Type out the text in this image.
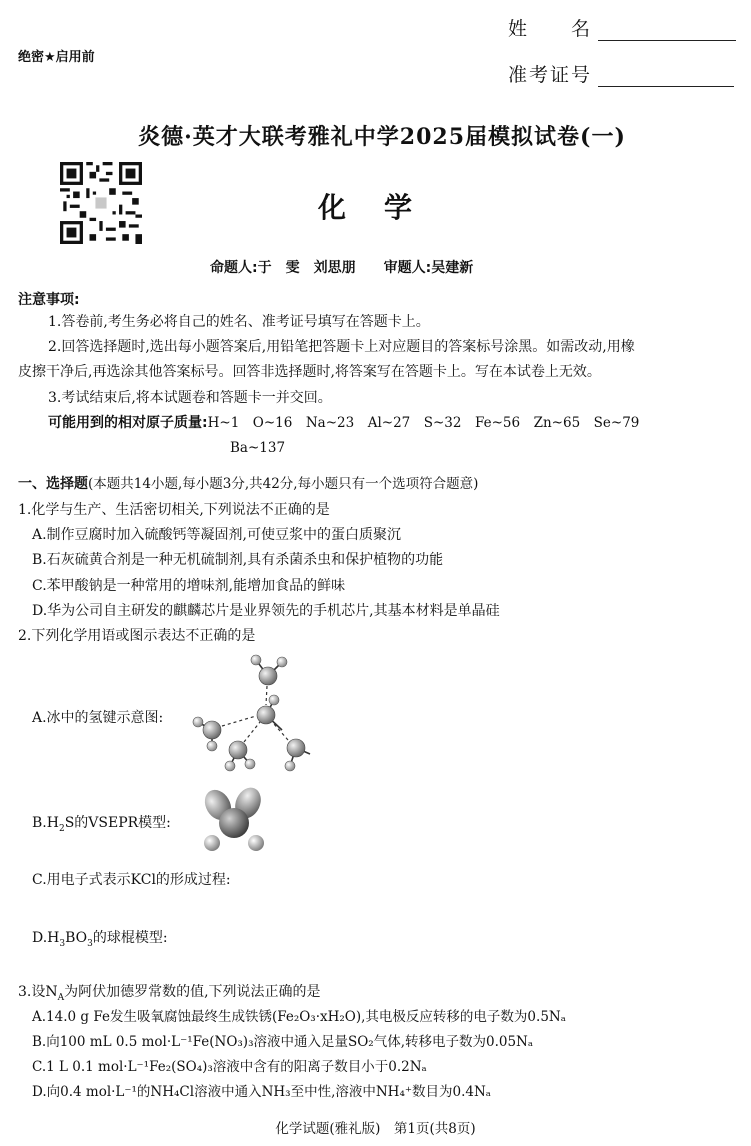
姓　　名
准考证号
绝密★启用前
炎德·英才大联考雅礼中学2025届模拟试卷(一)
化学
命题人:于　雯　刘思朋　　审题人:吴建新
注意事项:
1.答卷前,考生务必将自己的姓名、准考证号填写在答题卡上。
2.回答选择题时,选出每小题答案后,用铅笔把答题卡上对应题目的答案标号涂黑。如需改动,用橡
皮擦干净后,再选涂其他答案标号。回答非选择题时,将答案写在答题卡上。写在本试卷上无效。
3.考试结束后,将本试题卷和答题卡一并交回。
可能用到的相对原子质量:H~1　O~16　Na~23　Al~27　S~32　Fe~56　Zn~65　Se~79
Ba~137
一、选择题(本题共14小题,每小题3分,共42分,每小题只有一个选项符合题意)
1.化学与生产、生活密切相关,下列说法不正确的是
A.制作豆腐时加入硫酸钙等凝固剂,可使豆浆中的蛋白质聚沉
B.石灰硫黄合剂是一种无机硫制剂,具有杀菌杀虫和保护植物的功能
C.苯甲酸钠是一种常用的增味剂,能增加食品的鲜味
D.华为公司自主研发的麒麟芯片是业界领先的手机芯片,其基本材料是单晶硅
2.下列化学用语或图示表达不正确的是
A.冰中的氢键示意图:
$B.H_2S$的VSEPR模型:
C.用电子式表示KCl的形成过程:
$D.H_3BO_3$的球棍模型:
3.设$N_A$为阿伏加德罗常数的值,下列说法正确的是
A.14.0 g Fe发生吸氧腐蚀最终生成铁锈(Fe₂O₃·xH₂O),其电极反应转移的电子数为0.5Nₐ
B.向100 mL 0.5 mol·L⁻¹Fe(NO₃)₃溶液中通入足量SO₂气体,转移电子数为0.05Nₐ
C.1 L 0.1 mol·L⁻¹Fe₂(SO₄)₃溶液中含有的阳离子数目小于0.2Nₐ
D.向0.4 mol·L⁻¹的NH₄Cl溶液中通入NH₃至中性,溶液中NH₄⁺数目为0.4Nₐ
化学试题(雅礼版)　第1页(共8页)
